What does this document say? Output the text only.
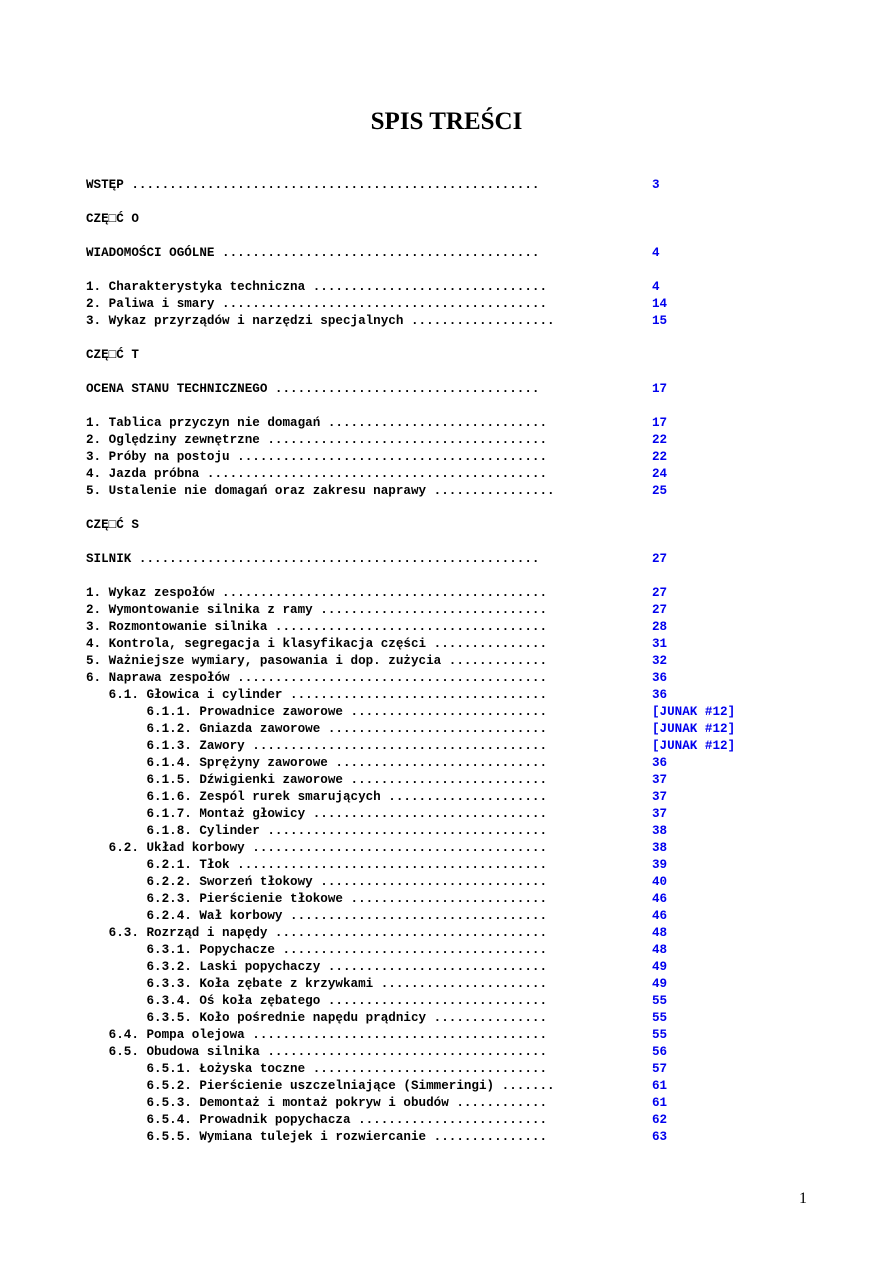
SPIS TREŚCI
WSTĘP ......................................................	3
CZĘ□Ć O
WIADOMOŚCI OGÓLNE ..........................................	4
1. Charakterystyka techniczna ...............................	4
2. Paliwa i smary ...........................................	14
3. Wykaz przyrządów i narzędzi specjalnych ...................	15
CZĘ□Ć T
OCENA STANU TECHNICZNEGO ...................................	17
1. Tablica przyczyn nie domagań .............................	17
2. Oględziny zewnętrzne .....................................	22
3. Próby na postoju .........................................	22
4. Jazda próbna .............................................	24
5. Ustalenie nie domagań oraz zakresu naprawy ................	25
CZĘ□Ć S
SILNIK .....................................................	27
1. Wykaz zespołów ...........................................	27
2. Wymontowanie silnika z ramy ..............................	27
3. Rozmontowanie silnika ....................................	28
4. Kontrola, segregacja i klasyfikacja części ...............	31
5. Ważniejsze wymiary, pasowania i dop. zużycia .............	32
6. Naprawa zespołów .........................................	36
6.1. Głowica i cylinder ..................................	36
6.1.1. Prowadnice zaworowe ..........................	[JUNAK #12]
6.1.2. Gniazda zaworowe .............................	[JUNAK #12]
6.1.3. Zawory .......................................	[JUNAK #12]
6.1.4. Sprężyny zaworowe ............................	36
6.1.5. Dźwigienki zaworowe ..........................	37
6.1.6. Zespól rurek smarujących .....................	37
6.1.7. Montaż głowicy ...............................	37
6.1.8. Cylinder .....................................	38
6.2. Układ korbowy .......................................	38
6.2.1. Tłok .........................................	39
6.2.2. Sworzeń tłokowy ..............................	40
6.2.3. Pierścienie tłokowe ..........................	46
6.2.4. Wał korbowy ..................................	46
6.3. Rozrząd i napędy ....................................	48
6.3.1. Popychacze ...................................	48
6.3.2. Laski popychaczy .............................	49
6.3.3. Koła zębate z krzywkami ......................	49
6.3.4. Oś koła zębatego .............................	55
6.3.5. Koło pośrednie napędu prądnicy ...............	55
6.4. Pompa olejowa .......................................	55
6.5. Obudowa silnika .....................................	56
6.5.1. Łożyska toczne ...............................	57
6.5.2. Pierścienie uszczelniające (Simmeringi) .......	61
6.5.3. Demontaż i montaż pokryw i obudów ............	61
6.5.4. Prowadnik popychacza .........................	62
6.5.5. Wymiana tulejek i rozwiercanie ...............	63
1
